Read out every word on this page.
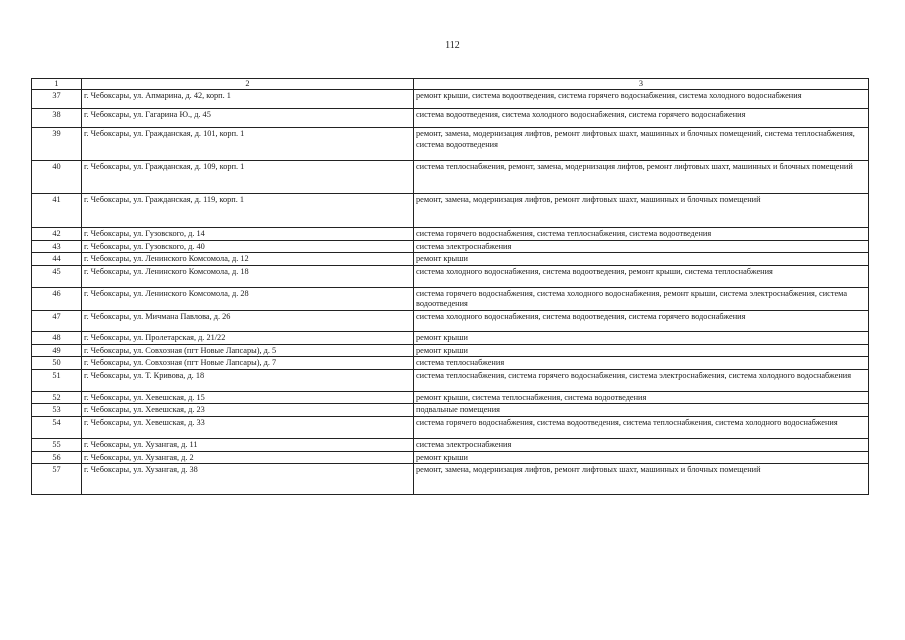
112
1	2	3
37	г. Чебоксары, ул. Апмарина, д. 42, корп. 1	ремонт крыши, система водоотведения, система горячего водоснабжения, система холодного водоснабжения
38	г. Чебоксары, ул. Гагарина Ю., д. 45	система водоотведения, система холодного водоснабжения, система горячего водоснабжения
39	г. Чебоксары, ул. Гражданская, д. 101, корп. 1	ремонт, замена, модернизация лифтов, ремонт лифтовых шахт, машинных и блочных помещений, система теплоснабжения, система водоотведения
40	г. Чебоксары, ул. Гражданская, д. 109, корп. 1	система теплоснабжения, ремонт, замена, модернизация лифтов, ремонт лифтовых шахт, машинных и блочных помещений
41	г. Чебоксары, ул. Гражданская, д. 119, корп. 1	ремонт, замена, модернизация лифтов, ремонт лифтовых шахт, машинных и блочных помещений
42	г. Чебоксары, ул. Гузовского, д. 14	система горячего водоснабжения, система теплоснабжения, система водоотведения
43	г. Чебоксары, ул. Гузовского, д. 40	система электроснабжения
44	г. Чебоксары, ул. Ленинского Комсомола, д. 12	ремонт крыши
45	г. Чебоксары, ул. Ленинского Комсомола, д. 18	система холодного водоснабжения, система водоотведения, ремонт крыши, система теплоснабжения
46	г. Чебоксары, ул. Ленинского Комсомола, д. 28	система горячего водоснабжения, система холодного водоснабжения, ремонт крыши, система электроснабжения, система водоотведения
47	г. Чебоксары, ул. Мичмана Павлова, д. 26	система холодного водоснабжения, система водоотведения, система горячего водоснабжения
48	г. Чебоксары, ул. Пролетарская, д. 21/22	ремонт крыши
49	г. Чебоксары, ул. Совхозная (пгт Новые Лапсары), д. 5	ремонт крыши
50	г. Чебоксары, ул. Совхозная (пгт Новые Лапсары), д. 7	система теплоснабжения
51	г. Чебоксары, ул. Т. Кривова, д. 18	система теплоснабжения, система горячего водоснабжения, система электроснабжения, система холодного водоснабжения
52	г. Чебоксары, ул. Хевешская, д. 15	ремонт крыши, система теплоснабжения, система водоотведения
53	г. Чебоксары, ул. Хевешская, д. 23	подвальные помещения
54	г. Чебоксары, ул. Хевешская, д. 33	система горячего водоснабжения, система водоотведения, система теплоснабжения, система холодного водоснабжения
55	г. Чебоксары, ул. Хузангая, д. 11	система электроснабжения
56	г. Чебоксары, ул. Хузангая, д. 2	ремонт крыши
57	г. Чебоксары, ул. Хузангая, д. 38	ремонт, замена, модернизация лифтов, ремонт лифтовых шахт, машинных и блочных помещений
